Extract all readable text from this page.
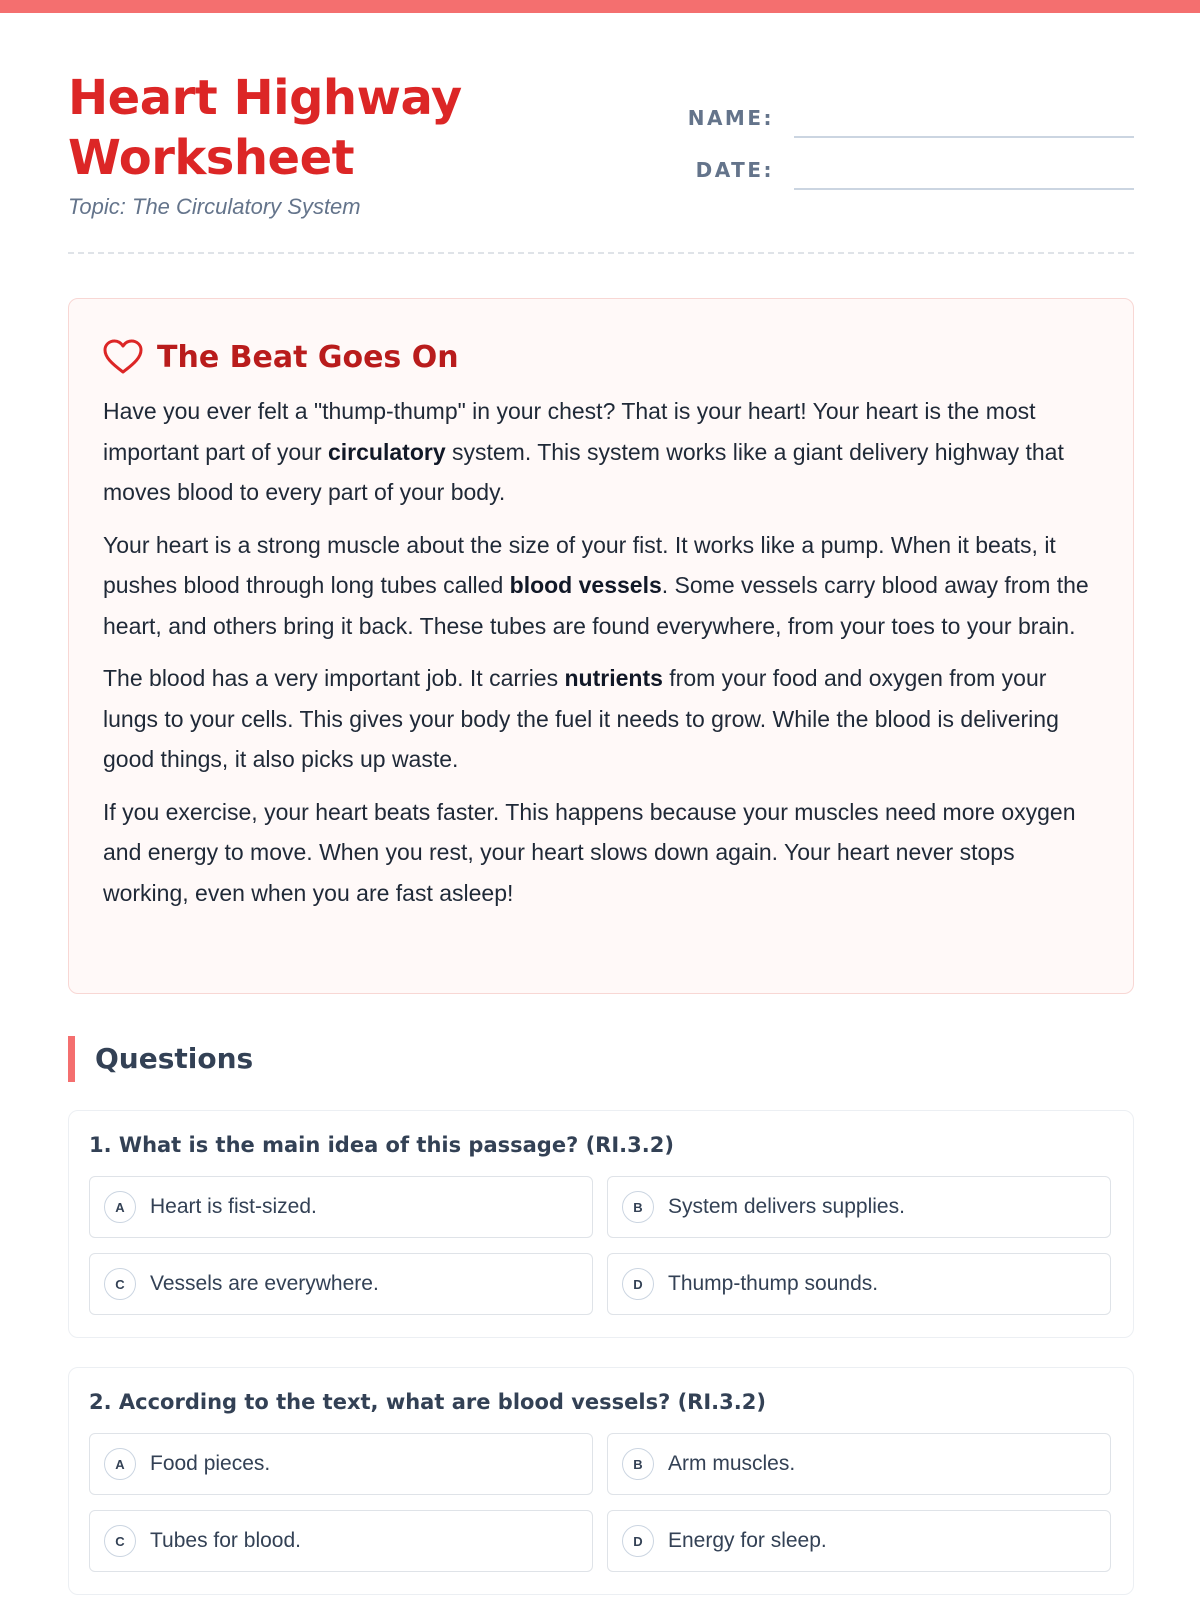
Heart Highway Worksheet
Topic: The Circulatory System
NAME:
DATE:
The Beat Goes On

Have you ever felt a "thump-thump" in your chest? That is your heart! Your heart is the most important part of your circulatory system. This system works like a giant delivery highway that moves blood to every part of your body.

Your heart is a strong muscle about the size of your fist. It works like a pump. When it beats, it pushes blood through long tubes called blood vessels. Some vessels carry blood away from the heart, and others bring it back. These tubes are found everywhere, from your toes to your brain.

The blood has a very important job. It carries nutrients from your food and oxygen from your lungs to your cells. This gives your body the fuel it needs to grow. While the blood is delivering good things, it also picks up waste.

If you exercise, your heart beats faster. This happens because your muscles need more oxygen and energy to move. When you rest, your heart slows down again. Your heart never stops working, even when you are fast asleep!

Questions
1. What is the main idea of this passage? (RI.3.2)
A	Heart is fist-sized.	B	System delivers supplies.
C	Vessels are everywhere.	D	Thump-thump sounds.
2. According to the text, what are blood vessels? (RI.3.2)
A	Food pieces.	B	Arm muscles.
C	Tubes for blood.	D	Energy for sleep.
